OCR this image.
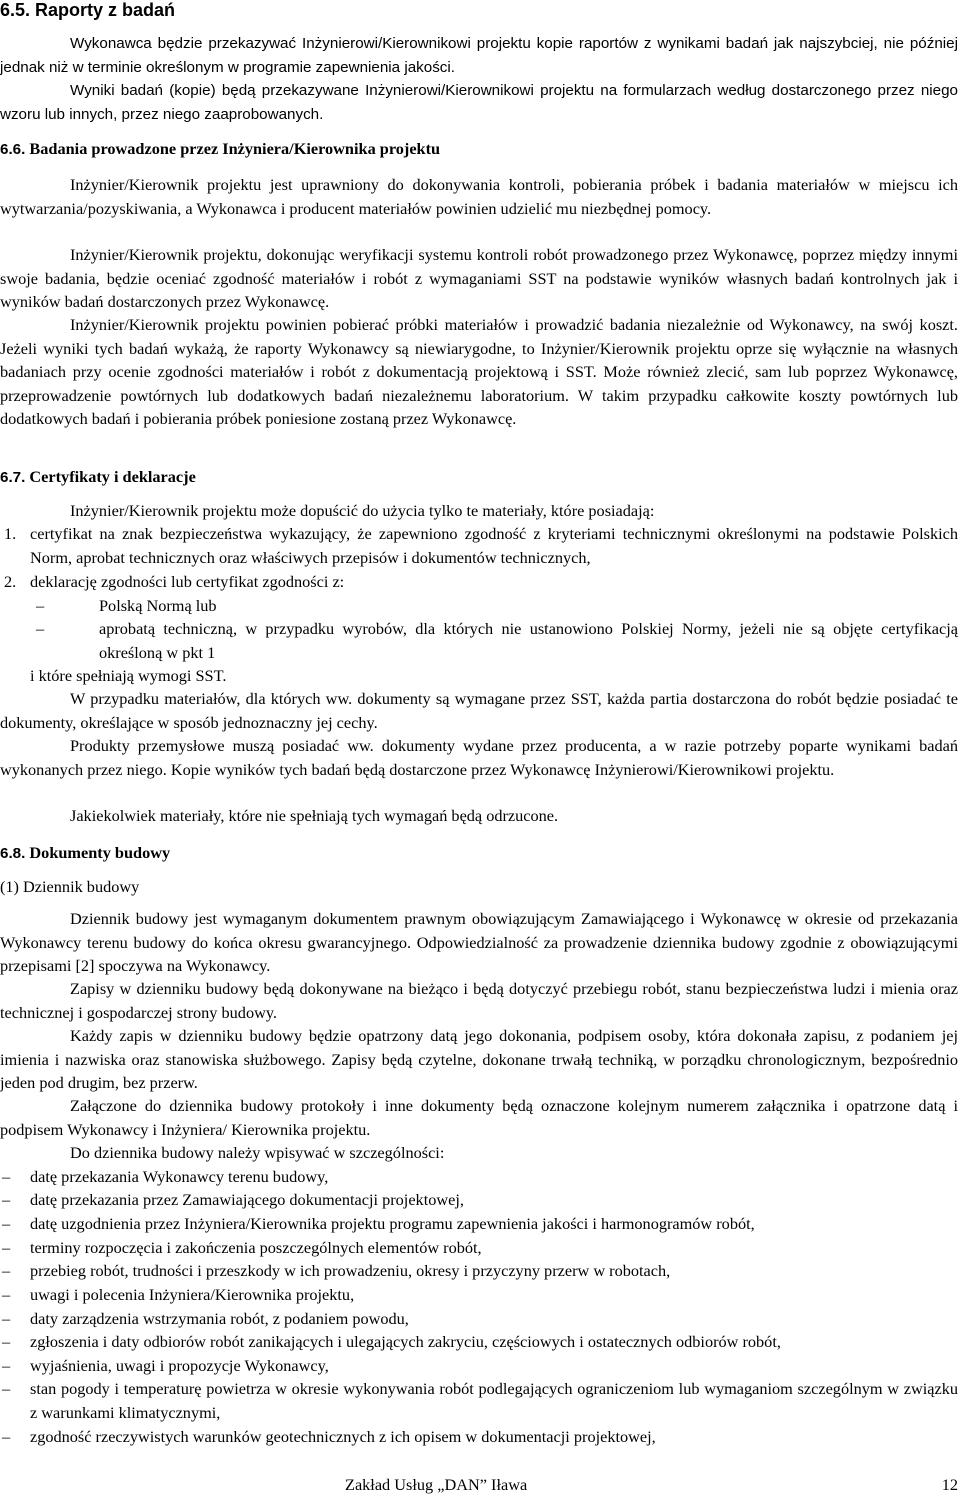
6.5. Raporty z badań

Wykonawca będzie przekazywać Inżynierowi/Kierownikowi projektu kopie raportów z wynikami badań jak najszybciej, nie później jednak niż w terminie określonym w programie zapewnienia jakości.

Wyniki badań (kopie) będą przekazywane Inżynierowi/Kierownikowi projektu na formularzach według dostarczonego przez niego wzoru lub innych, przez niego zaaprobowanych.

6.6. Badania prowadzone przez Inżyniera/Kierownika projektu

Inżynier/Kierownik projektu jest uprawniony do dokonywania kontroli, pobierania próbek i badania materiałów w miejscu ich wytwarzania/pozyskiwania, a Wykonawca i producent materiałów powinien udzielić mu niezbędnej pomocy.

Inżynier/Kierownik projektu, dokonując weryfikacji systemu kontroli robót prowadzonego przez Wykonawcę, poprzez między innymi swoje badania, będzie oceniać zgodność materiałów i robót z wymaganiami SST na podstawie wyników własnych badań kontrolnych jak i wyników badań dostarczonych przez Wykonawcę.

Inżynier/Kierownik projektu powinien pobierać próbki materiałów i prowadzić badania niezależnie od Wykonawcy, na swój koszt. Jeżeli wyniki tych badań wykażą, że raporty Wykonawcy są niewiarygodne, to Inżynier/Kierownik projektu oprze się wyłącznie na własnych badaniach przy ocenie zgodności materiałów i robót z dokumentacją projektową i SST. Może również zlecić, sam lub poprzez Wykonawcę, przeprowadzenie powtórnych lub dodatkowych badań niezależnemu laboratorium. W takim przypadku całkowite koszty powtórnych lub dodatkowych badań i pobierania próbek poniesione zostaną przez Wykonawcę.

6.7. Certyfikaty i deklaracje

Inżynier/Kierownik projektu może dopuścić do użycia tylko te materiały, które posiadają:

1. certyfikat na znak bezpieczeństwa wykazujący, że zapewniono zgodność z kryteriami technicznymi określonymi na podstawie Polskich Norm, aprobat technicznych oraz właściwych przepisów i dokumentów technicznych,
2. deklarację zgodności lub certyfikat zgodności z:
–	Polską Normą lub
–	aprobatą techniczną, w przypadku wyrobów, dla których nie ustanowiono Polskiej Normy, jeżeli nie są objęte certyfikacją określoną w pkt 1

i które spełniają wymogi SST.

W przypadku materiałów, dla których ww. dokumenty są wymagane przez SST, każda partia dostarczona do robót będzie posiadać te dokumenty, określające w sposób jednoznaczny jej cechy.

Produkty przemysłowe muszą posiadać ww. dokumenty wydane przez producenta, a w razie potrzeby poparte wynikami badań wykonanych przez niego. Kopie wyników tych badań będą dostarczone przez Wykonawcę Inżynierowi/Kierownikowi projektu.

Jakiekolwiek materiały, które nie spełniają tych wymagań będą odrzucone.

6.8. Dokumenty budowy

(1) Dziennik budowy

Dziennik budowy jest wymaganym dokumentem prawnym obowiązującym Zamawiającego i Wykonawcę w okresie od przekazania Wykonawcy terenu budowy do końca okresu gwarancyjnego. Odpowiedzialność za prowadzenie dziennika budowy zgodnie z obowiązującymi przepisami [2] spoczywa na Wykonawcy.

Zapisy w dzienniku budowy będą dokonywane na bieżąco i będą dotyczyć przebiegu robót, stanu bezpieczeństwa ludzi i mienia oraz technicznej i gospodarczej strony budowy.

Każdy zapis w dzienniku budowy będzie opatrzony datą jego dokonania, podpisem osoby, która dokonała zapisu, z podaniem jej imienia i nazwiska oraz stanowiska służbowego. Zapisy będą czytelne, dokonane trwałą techniką, w porządku chronologicznym, bezpośrednio jeden pod drugim, bez przerw.

Załączone do dziennika budowy protokoły i inne dokumenty będą oznaczone kolejnym numerem załącznika i opatrzone datą i podpisem Wykonawcy i Inżyniera/ Kierownika projektu.

Do dziennika budowy należy wpisywać w szczególności:

– datę przekazania Wykonawcy terenu budowy,
– datę przekazania przez Zamawiającego dokumentacji projektowej,
– datę uzgodnienia przez Inżyniera/Kierownika projektu programu zapewnienia jakości i harmonogramów robót,
– terminy rozpoczęcia i zakończenia poszczególnych elementów robót,
– przebieg robót, trudności i przeszkody w ich prowadzeniu, okresy i przyczyny przerw w robotach,
– uwagi i polecenia Inżyniera/Kierownika projektu,
– daty zarządzenia wstrzymania robót, z podaniem powodu,
– zgłoszenia i daty odbiorów robót zanikających i ulegających zakryciu, częściowych i ostatecznych odbiorów robót,
– wyjaśnienia, uwagi i propozycje Wykonawcy,
– stan pogody i temperaturę powietrza w okresie wykonywania robót podlegających ograniczeniom lub wymaganiom szczególnym w związku z warunkami klimatycznymi,
– zgodność rzeczywistych warunków geotechnicznych z ich opisem w dokumentacji projektowej,
Zakład Usług „DAN” Iława	12
